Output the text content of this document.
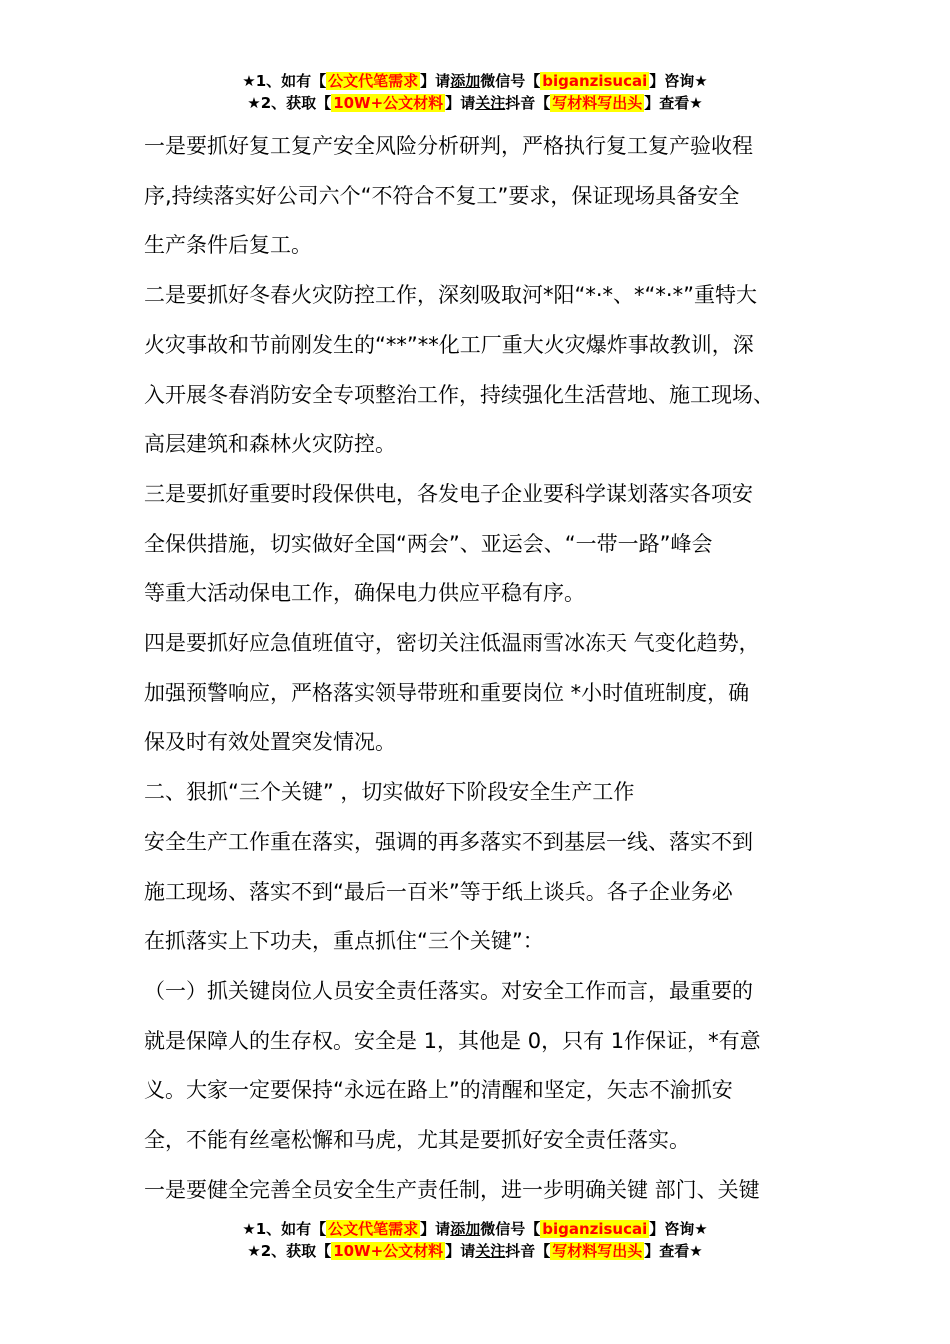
★1、如有【 公文代笔需求 】请添加微信号【 biganzisucai 】咨询★
★2、获取【 10W+公文材料 】请关注抖音【 写材料写出头 】查看★

一是要抓好复工复产安全风险分析研判，严格执行复工复产验收程

序,持续落实好公司六个“不符合不复工”要求，保证现场具备安全

生产条件后复工。

二是要抓好冬春火灾防控工作，深刻吸取河*阳“*·*、*“*·*”重特大

火灾事故和节前刚发生的“**”**化工厂重大火灾爆炸事故教训，深

入开展冬春消防安全专项整治工作，持续强化生活营地、施工现场、

高层建筑和森林火灾防控。

三是要抓好重要时段保供电，各发电子企业要科学谋划落实各项安

全保供措施，切实做好全国“两会”、亚运会、“一带一路”峰会

等重大活动保电工作，确保电力供应平稳有序。

四是要抓好应急值班值守，密切关注低温雨雪冰冻天 气变化趋势，

加强预警响应，严格落实领导带班和重要岗位 *小时值班制度，确

保及时有效处置突发情况。

二、狠抓“三个关键” ，切实做好下阶段安全生产工作

安全生产工作重在落实，强调的再多落实不到基层一线、落实不到

施工现场、落实不到“最后一百米”等于纸上谈兵。各子企业务必

在抓落实上下功夫，重点抓住“三个关键”：

（一）抓关键岗位人员安全责任落实。对安全工作而言，最重要的

就是保障人的生存权。安全是 1，其他是 0，只有 1作保证，*有意

义。大家一定要保持“永远在路上”的清醒和坚定，矢志不渝抓安

全，不能有丝毫松懈和马虎，尤其是要抓好安全责任落实。

一是要健全完善全员安全生产责任制，进一步明确关键 部门、关键

★1、如有【 公文代笔需求 】请添加微信号【 biganzisucai 】咨询★
★2、获取【 10W+公文材料 】请关注抖音【 写材料写出头 】查看★
